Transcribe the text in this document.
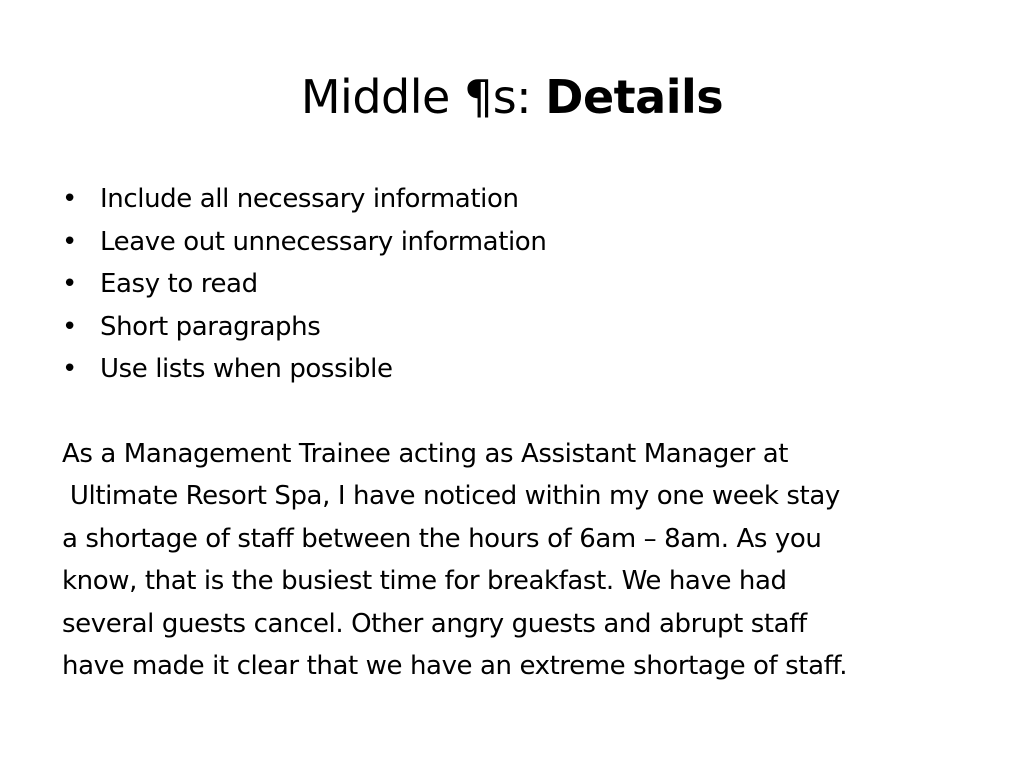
Middle ¶s: Details
• Include all necessary information
• Leave out unnecessary information
• Easy to read
• Short paragraphs
• Use lists when possible
As a Management Trainee acting as Assistant Manager at
Ultimate Resort Spa, I have noticed within my one week stay
a shortage of staff between the hours of 6am – 8am. As you
know, that is the busiest time for breakfast. We have had
several guests cancel. Other angry guests and abrupt staff
have made it clear that we have an extreme shortage of staff.
